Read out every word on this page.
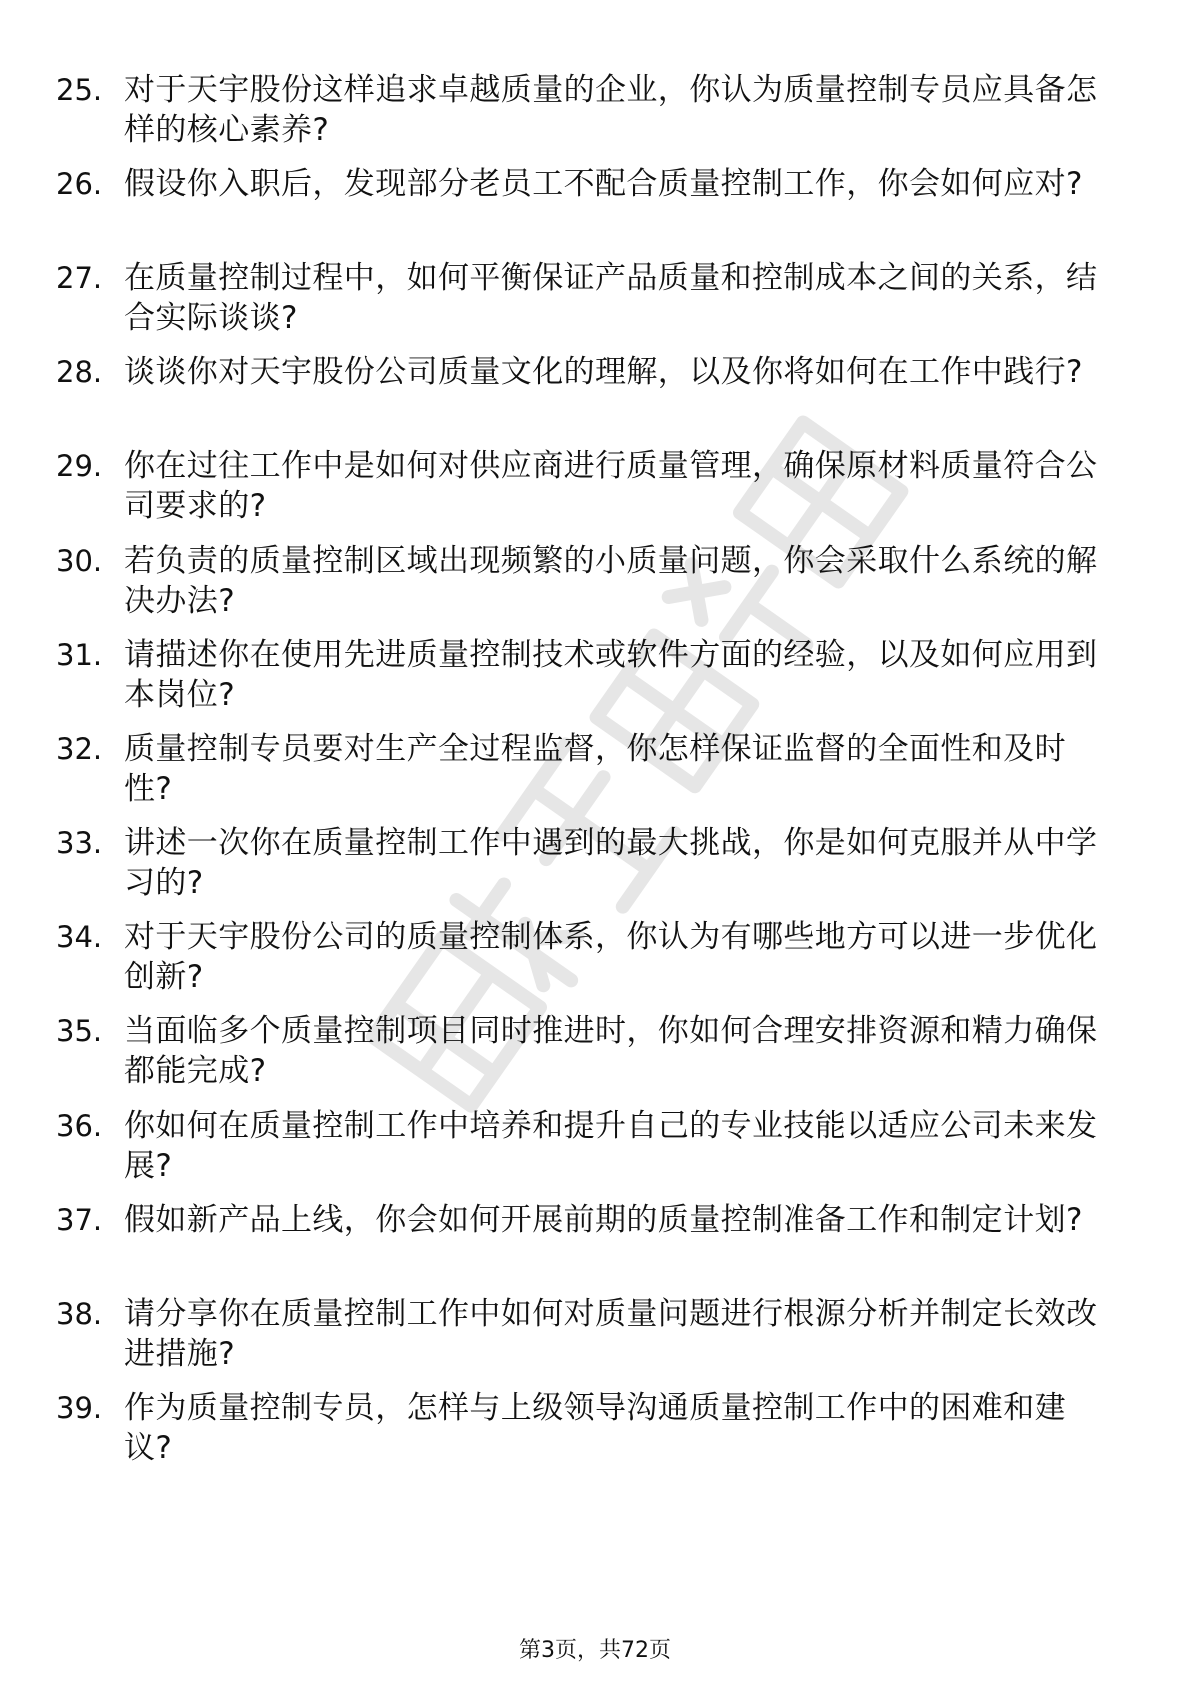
25. 对于天宇股份这样追求卓越质量的企业，你认为质量控制专员应具备怎样的核心素养?
26. 假设你入职后，发现部分老员工不配合质量控制工作，你会如何应对?
27. 在质量控制过程中，如何平衡保证产品质量和控制成本之间的关系，结合实际谈谈?
28. 谈谈你对天宇股份公司质量文化的理解，以及你将如何在工作中践行?
29. 你在过往工作中是如何对供应商进行质量管理，确保原材料质量符合公司要求的?
30. 若负责的质量控制区域出现频繁的小质量问题，你会采取什么系统的解决办法?
31. 请描述你在使用先进质量控制技术或软件方面的经验，以及如何应用到本岗位?
32. 质量控制专员要对生产全过程监督，你怎样保证监督的全面性和及时性?
33. 讲述一次你在质量控制工作中遇到的最大挑战，你是如何克服并从中学习的?
34. 对于天宇股份公司的质量控制体系，你认为有哪些地方可以进一步优化创新?
35. 当面临多个质量控制项目同时推进时，你如何合理安排资源和精力确保都能完成?
36. 你如何在质量控制工作中培养和提升自己的专业技能以适应公司未来发展?
37. 假如新产品上线，你会如何开展前期的质量控制准备工作和制定计划?
38. 请分享你在质量控制工作中如何对质量问题进行根源分析并制定长效改进措施?
39. 作为质量控制专员，怎样与上级领导沟通质量控制工作中的困难和建议?
第3页，共72页
